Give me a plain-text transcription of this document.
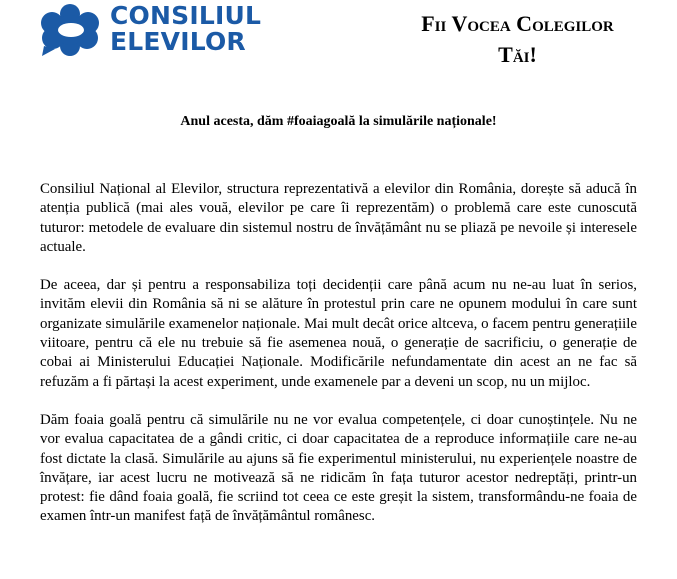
CONSILIUL
ELEVILOR
Fii Vocea Colegilor
Tăi!
Anul acesta, dăm #foaiagoală la simulările naționale!

Consiliul Național al Elevilor, structura reprezentativă a elevilor din România, dorește să aducă în atenția publică (mai ales vouă, elevilor pe care îi reprezentăm) o problemă care este cunoscută tuturor: metodele de evaluare din sistemul nostru de învățământ nu se pliază pe nevoile și interesele actuale.

De aceea, dar și pentru a responsabiliza toți decidenții care până acum nu ne-au luat în serios, invităm elevii din România să ni se alăture în protestul prin care ne opunem modului în care sunt organizate simulările examenelor naționale. Mai mult decât orice altceva, o facem pentru generațiile viitoare, pentru că ele nu trebuie să fie asemenea nouă, o generație de sacrificiu, o generație de cobai ai Ministerului Educației Naționale. Modificările nefundamentate din acest an ne fac să refuzăm a fi părtași la acest experiment, unde examenele par a deveni un scop, nu un mijloc.

Dăm foaia goală pentru că simulările nu ne vor evalua competențele, ci doar cunoștințele. Nu ne vor evalua capacitatea de a gândi critic, ci doar capacitatea de a reproduce informațiile care ne-au fost dictate la clasă. Simulările au ajuns să fie experimentul ministerului, nu experiențele noastre de învățare, iar acest lucru ne motivează să ne ridicăm în fața tuturor acestor nedreptăți, printr-un protest: fie dând foaia goală, fie scriind tot ceea ce este greșit la sistem, transformându-ne foaia de examen într-un manifest față de învățământul românesc.
